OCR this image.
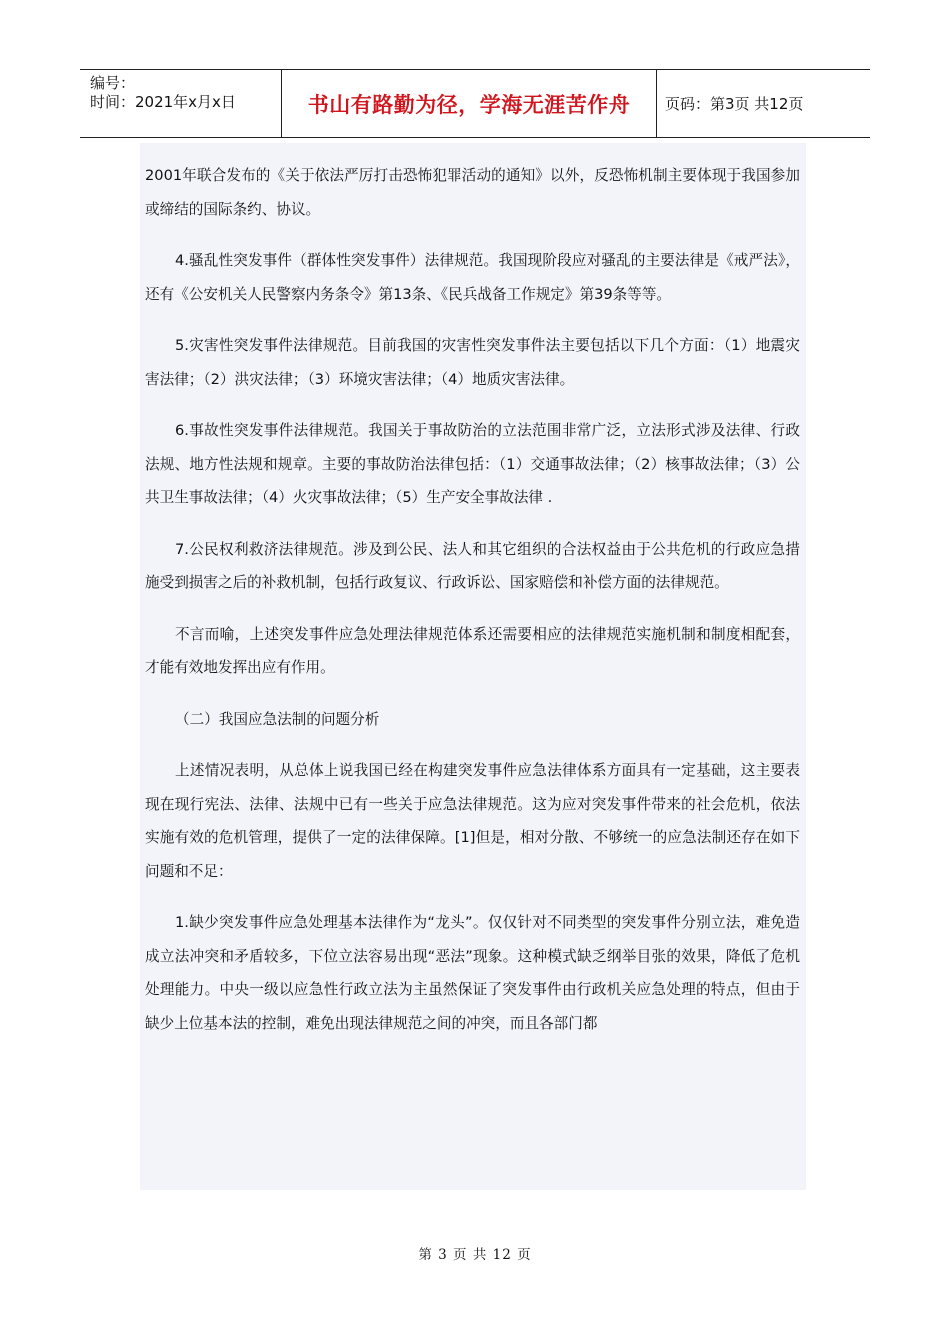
编号：
时间：2021年x月x日	书山有路勤为径，学海无涯苦作舟	页码：第3页 共12页

2001年联合发布的《关于依法严厉打击恐怖犯罪活动的通知》以外，反恐怖机制主要体现于我国参加或缔结的国际条约、协议。

4.骚乱性突发事件（群体性突发事件）法律规范。我国现阶段应对骚乱的主要法律是《戒严法》，还有《公安机关人民警察内务条令》第13条、《民兵战备工作规定》第39条等等。

5.灾害性突发事件法律规范。目前我国的灾害性突发事件法主要包括以下几个方面：（1）地震灾害法律；（2）洪灾法律；（3）环境灾害法律；（4）地质灾害法律。

6.事故性突发事件法律规范。我国关于事故防治的立法范围非常广泛，立法形式涉及法律、行政法规、地方性法规和规章。主要的事故防治法律包括：（1）交通事故法律；（2）核事故法律；（3）公共卫生事故法律；（4）火灾事故法律；（5）生产安全事故法律 .

7.公民权利救济法律规范。涉及到公民、法人和其它组织的合法权益由于公共危机的行政应急措施受到损害之后的补救机制，包括行政复议、行政诉讼、国家赔偿和补偿方面的法律规范。

不言而喻，上述突发事件应急处理法律规范体系还需要相应的法律规范实施机制和制度相配套，才能有效地发挥出应有作用。

（二）我国应急法制的问题分析

上述情况表明，从总体上说我国已经在构建突发事件应急法律体系方面具有一定基础，这主要表现在现行宪法、法律、法规中已有一些关于应急法律规范。这为应对突发事件带来的社会危机，依法实施有效的危机管理，提供了一定的法律保障。[1]但是，相对分散、不够统一的应急法制还存在如下问题和不足：

1.缺少突发事件应急处理基本法律作为“龙头”。仅仅针对不同类型的突发事件分别立法，难免造成立法冲突和矛盾较多，下位立法容易出现“恶法”现象。这种模式缺乏纲举目张的效果，降低了危机处理能力。中央一级以应急性行政立法为主虽然保证了突发事件由行政机关应急处理的特点，但由于缺少上位基本法的控制，难免出现法律规范之间的冲突，而且各部门都

第 3 页 共 12 页
